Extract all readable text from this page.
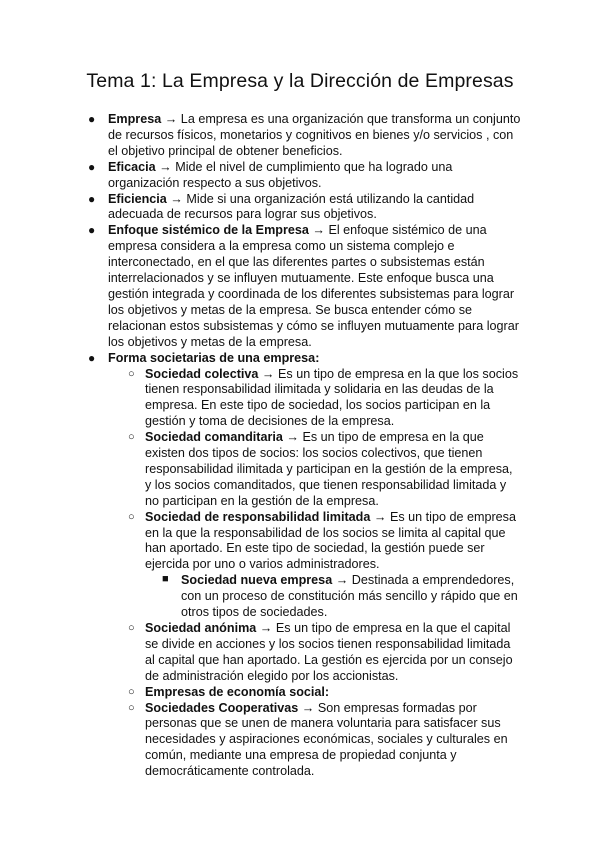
Tema 1: La Empresa y la Dirección de Empresas
● Empresa → La empresa es una organización que transforma un conjunto de recursos físicos, monetarios y cognitivos en bienes y/o servicios , con el objetivo principal de obtener beneficios.
● Eficacia → Mide el nivel de cumplimiento que ha logrado una organización respecto a sus objetivos.
● Eficiencia → Mide si una organización está utilizando la cantidad adecuada de recursos para lograr sus objetivos.
● Enfoque sistémico de la Empresa → El enfoque sistémico de una empresa considera a la empresa como un sistema complejo e interconectado, en el que las diferentes partes o subsistemas están interrelacionados y se influyen mutuamente. Este enfoque busca una gestión integrada y coordinada de los diferentes subsistemas para lograr los objetivos y metas de la empresa. Se busca entender cómo se relacionan estos subsistemas y cómo se influyen mutuamente para lograr los objetivos y metas de la empresa.
● Forma societarias de una empresa:
○ Sociedad colectiva → Es un tipo de empresa en la que los socios tienen responsabilidad ilimitada y solidaria en las deudas de la empresa. En este tipo de sociedad, los socios participan en la gestión y toma de decisiones de la empresa.
○ Sociedad comanditaria → Es un tipo de empresa en la que existen dos tipos de socios: los socios colectivos, que tienen responsabilidad ilimitada y participan en la gestión de la empresa, y los socios comanditados, que tienen responsabilidad limitada y no participan en la gestión de la empresa.
○ Sociedad de responsabilidad limitada → Es un tipo de empresa en la que la responsabilidad de los socios se limita al capital que han aportado. En este tipo de sociedad, la gestión puede ser ejercida por uno o varios administradores.
■ Sociedad nueva empresa → Destinada a emprendedores, con un proceso de constitución más sencillo y rápido que en otros tipos de sociedades.
○ Sociedad anónima → Es un tipo de empresa en la que el capital se divide en acciones y los socios tienen responsabilidad limitada al capital que han aportado. La gestión es ejercida por un consejo de administración elegido por los accionistas.
○ Empresas de economía social:
○ Sociedades Cooperativas → Son empresas formadas por personas que se unen de manera voluntaria para satisfacer sus necesidades y aspiraciones económicas, sociales y culturales en común, mediante una empresa de propiedad conjunta y democráticamente controlada.
